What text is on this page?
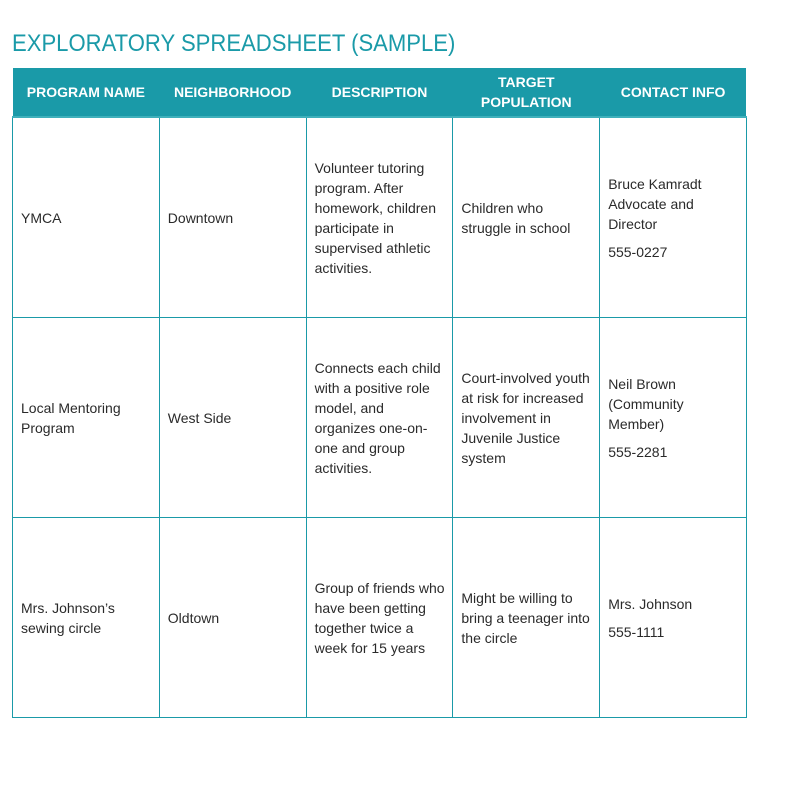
EXPLORATORY SPREADSHEET (SAMPLE)
PROGRAM NAME	NEIGHBORHOOD	DESCRIPTION	TARGET POPULATION	CONTACT INFO
YMCA	Downtown	Volunteer tutoring program. After homework, children participate in supervised athletic activities.	Children who struggle in school	Bruce Kamradt Advocate and Director
555-0227

Local Mentoring Program	West Side	Connects each child with a positive role model, and organizes one-on-one and group activities.	Court-involved youth at risk for increased involvement in Juvenile Justice system	Neil Brown (Community Member)
555-2281

Mrs. Johnson’s sewing circle	Oldtown	Group of friends who have been getting together twice a week for 15 years	Might be willing to bring a teenager into the circle	Mrs. Johnson
555-1111
